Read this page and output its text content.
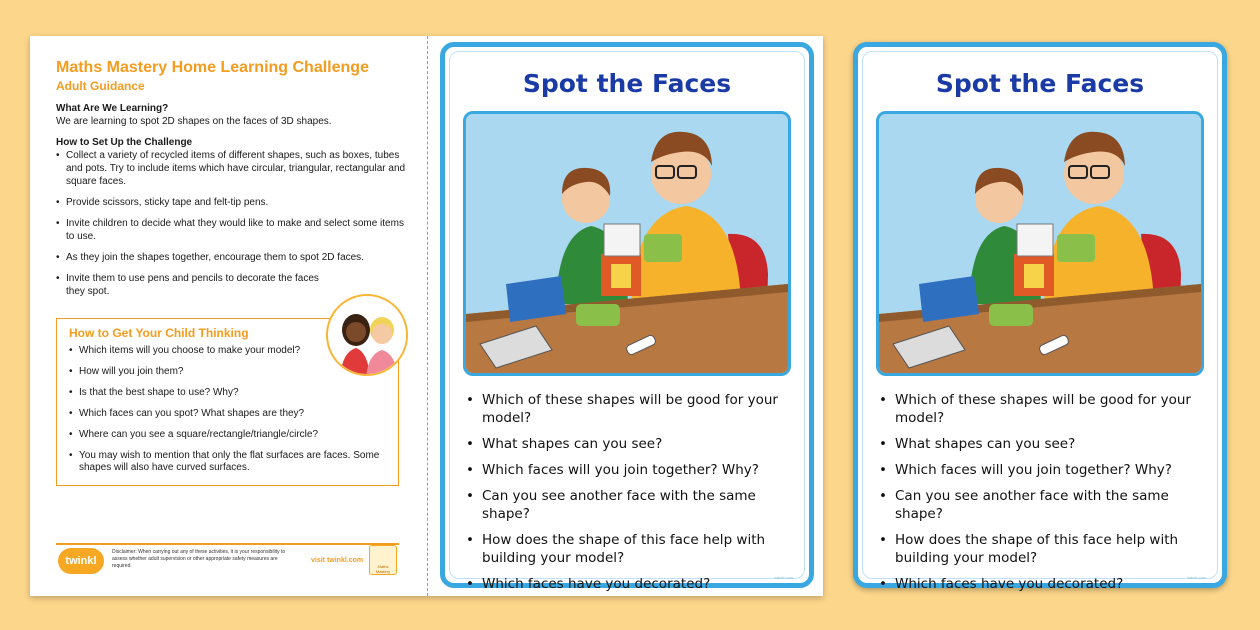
Maths Mastery Home Learning Challenge
Adult Guidance
What Are We Learning?
We are learning to spot 2D shapes on the faces of 3D shapes.
How to Set Up the Challenge
• Collect a variety of recycled items of different shapes, such as boxes, tubes and pots. Try to include items which have circular, triangular, rectangular and square faces.
• Provide scissors, sticky tape and felt-tip pens.
• Invite children to decide what they would like to make and select some items to use.
• As they join the shapes together, encourage them to spot 2D faces.
• Invite them to use pens and pencils to decorate the faces they spot.
How to Get Your Child Thinking
• Which items will you choose to make your model?
• How will you join them?
• Is that the best shape to use? Why?
• Which faces can you spot? What shapes are they?
• Where can you see a square/rectangle/triangle/circle?
• You may wish to mention that only the flat surfaces are faces. Some shapes will also have curved surfaces.
twinkl
Disclaimer: When carrying out any of these activities, it is your responsibility to assess whether adult supervision or other appropriate safety measures are required.
visit twinkl.com
Maths Mastery
Spot the Faces
• Which of these shapes will be good for your model?
• What shapes can you see?
• Which faces will you join together? Why?
• Can you see another face with the same shape?
• How does the shape of this face help with building your model?
• Which faces have you decorated?	twinkl.com
Spot the Faces
• Which of these shapes will be good for your model?
• What shapes can you see?
• Which faces will you join together? Why?
• Can you see another face with the same shape?
• How does the shape of this face help with building your model?
• Which faces have you decorated?	twinkl.com
